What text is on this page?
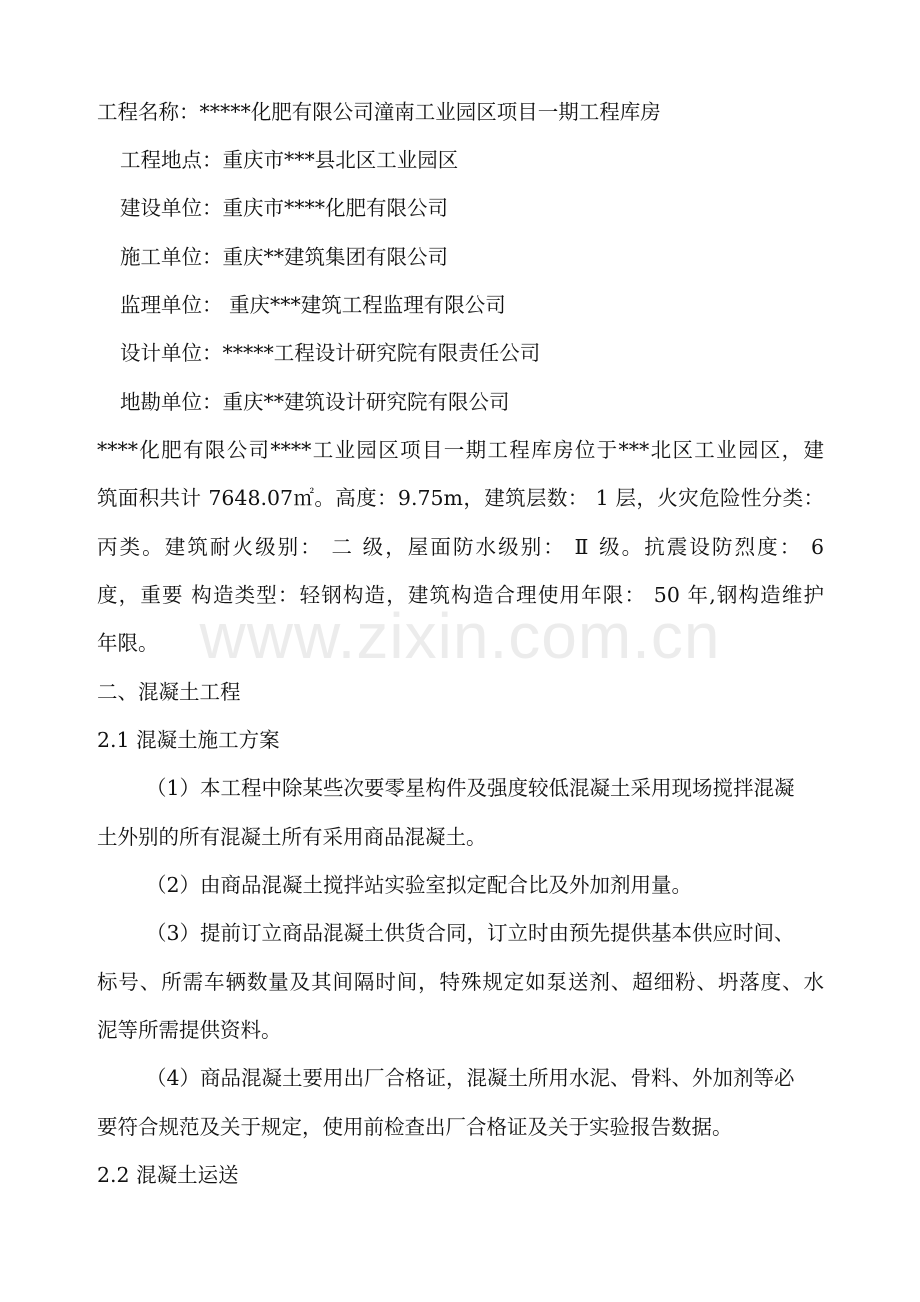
工程名称：*****化肥有限公司潼南工业园区项目一期工程库房
工程地点：重庆市***县北区工业园区
建设单位：重庆市****化肥有限公司
施工单位：重庆**建筑集团有限公司
监理单位： 重庆***建筑工程监理有限公司
设计单位：*****工程设计研究院有限责任公司
地勘单位：重庆**建筑设计研究院有限公司
****化肥有限公司****工业园区项目一期工程库房位于***北区工业园区，建
筑面积共计 7648.07㎡。高度：9.75m，建筑层数： 1 层，火灾危险性分类：
丙类。建筑耐火级别： 二 级，屋面防水级别： Ⅱ 级。抗震设防烈度： 6
度，重要 构造类型：轻钢构造，建筑构造合理使用年限： 50 年,钢构造维护
年限。
二、混凝土工程
2.1 混凝土施工方案
（1）本工程中除某些次要零星构件及强度较低混凝土采用现场搅拌混凝
土外别的所有混凝土所有采用商品混凝土。
（2）由商品混凝土搅拌站实验室拟定配合比及外加剂用量。
（3）提前订立商品混凝土供货合同，订立时由预先提供基本供应时间、
标号、所需车辆数量及其间隔时间，特殊规定如泵送剂、超细粉、坍落度、水
泥等所需提供资料。
（4）商品混凝土要用出厂合格证，混凝土所用水泥、骨料、外加剂等必
要符合规范及关于规定，使用前检查出厂合格证及关于实验报告数据。
2.2 混凝土运送
www.zixin.com.cn
